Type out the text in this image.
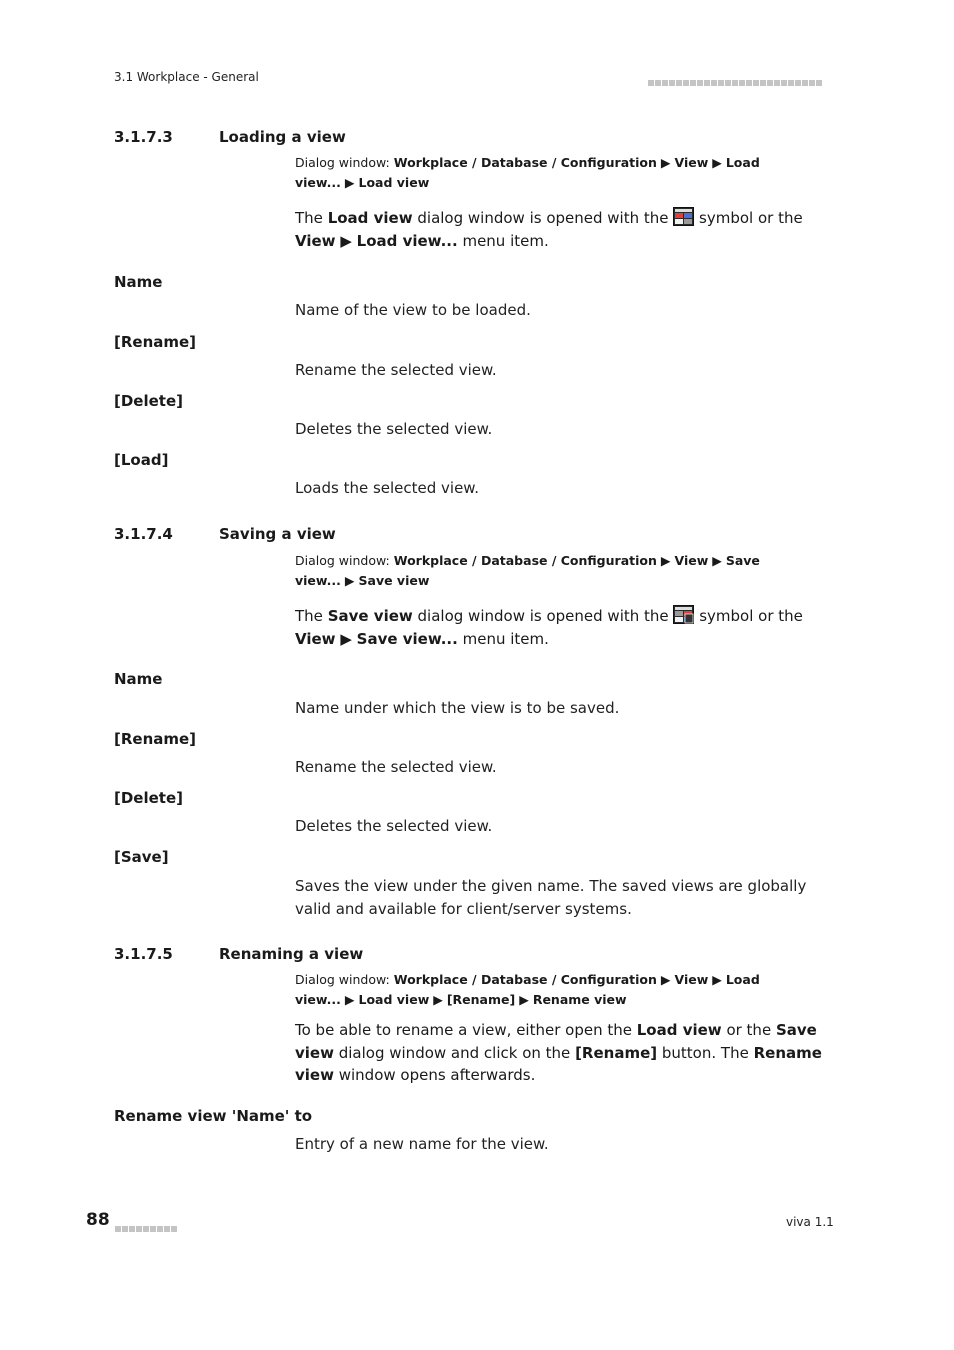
3.1 Workplace - General
3.1.7.3	Loading a view
Dialog window: Workplace / Database / Configuration ▶ View ▶ Load view... ▶ Load view
The Load view dialog window is opened with the symbol or the View ▶ Load view... menu item.
Name
Name of the view to be loaded.
[Rename]
Rename the selected view.
[Delete]
Deletes the selected view.
[Load]
Loads the selected view.
3.1.7.4	Saving a view
Dialog window: Workplace / Database / Configuration ▶ View ▶ Save view... ▶ Save view
The Save view dialog window is opened with the symbol or the View ▶ Save view... menu item.
Name
Name under which the view is to be saved.
[Rename]
Rename the selected view.
[Delete]
Deletes the selected view.
[Save]
Saves the view under the given name. The saved views are globally valid and available for client/server systems.
3.1.7.5	Renaming a view
Dialog window: Workplace / Database / Configuration ▶ View ▶ Load view... ▶ Load view ▶ [Rename] ▶ Rename view
To be able to rename a view, either open the Load view or the Save view dialog window and click on the [Rename] button. The Rename view window opens afterwards.
Rename view 'Name' to
Entry of a new name for the view.
88	viva 1.1
